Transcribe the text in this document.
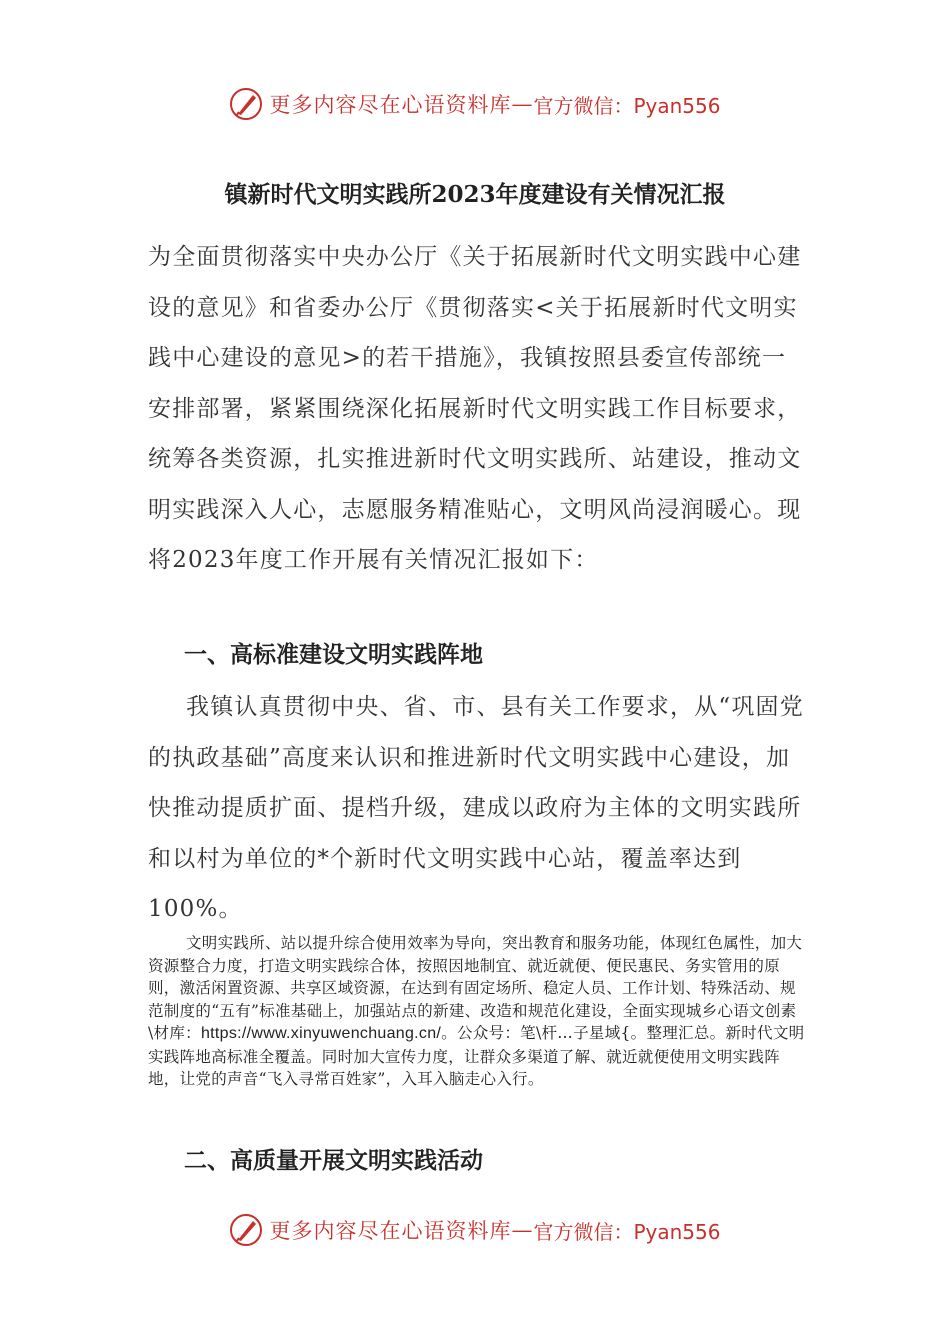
更多内容尽在心语资料库 — 官方微信：Pyan556
镇新时代文明实践所2023年度建设有关情况汇报
为全面贯彻落实中央办公厅《关于拓展新时代文明实践中心建设的意见》和省委办公厅《贯彻落实<关于拓展新时代文明实践中心建设的意见>的若干措施》，我镇按照县委宣传部统一安排部署，紧紧围绕深化拓展新时代文明实践工作目标要求，统筹各类资源，扎实推进新时代文明实践所、站建设，推动文明实践深入人心，志愿服务精准贴心，文明风尚浸润暖心。现将2023年度工作开展有关情况汇报如下：
一、高标准建设文明实践阵地
我镇认真贯彻中央、省、市、县有关工作要求，从“巩固党的执政基础”高度来认识和推进新时代文明实践中心建设，加快推动提质扩面、提档升级，建成以政府为主体的文明实践所和以村为单位的*个新时代文明实践中心站，覆盖率达到100%。
文明实践所、站以提升综合使用效率为导向，突出教育和服务功能，体现红色属性，加大资源整合力度，打造文明实践综合体，按照因地制宜、就近就便、便民惠民、务实管用的原则，激活闲置资源、共享区域资源，在达到有固定场所、稳定人员、工作计划、特殊活动、规范制度的“五有”标准基础上，加强站点的新建、改造和规范化建设，全面实现城乡心语文创素\材库：https://www.xinyuwenchuang.cn/。公众号：笔\杆…子星域{。整理汇总。新时代文明实践阵地高标准全覆盖。同时加大宣传力度，让群众多渠道了解、就近就便使用文明实践阵地，让党的声音“飞入寻常百姓家”，入耳入脑走心入行。
二、高质量开展文明实践活动
更多内容尽在心语资料库 — 官方微信：Pyan556
